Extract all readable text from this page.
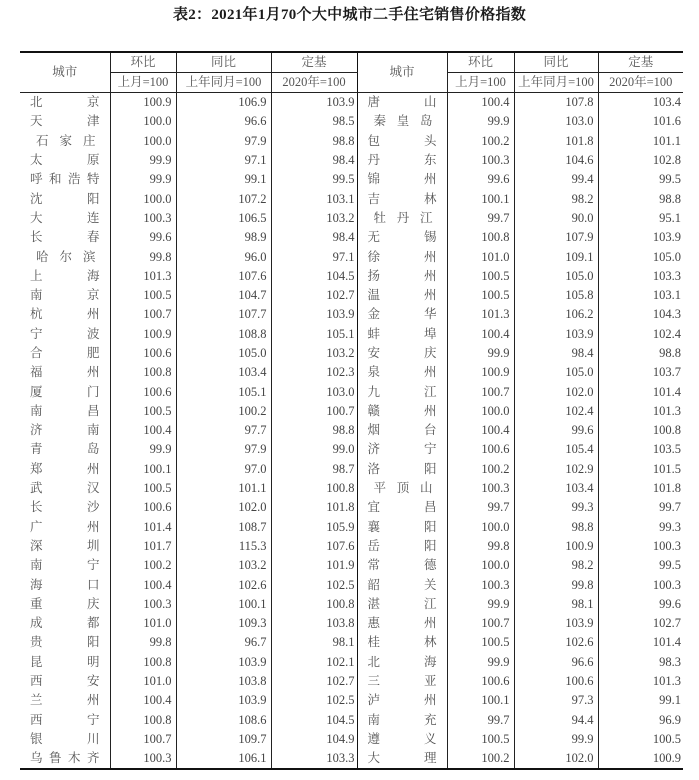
表2：2021年1月70个大中城市二手住宅销售价格指数
城市	环比	同比	定基	城市	环比	同比	定基
	上月=100	上年同月=100	2020年=100		上月=100	上年同月=100	2020年=100
北京	100.9	106.9	103.9	唐山	100.4	107.8	103.4
天津	100.0	96.6	98.5	秦皇岛	99.9	103.0	101.6
石家庄	100.0	97.9	98.8	包头	100.2	101.8	101.1
太原	99.9	97.1	98.4	丹东	100.3	104.6	102.8
呼和浩特	99.9	99.1	99.5	锦州	99.6	99.4	99.5
沈阳	100.0	107.2	103.1	吉林	100.1	98.2	98.8
大连	100.3	106.5	103.2	牡丹江	99.7	90.0	95.1
长春	99.6	98.9	98.4	无锡	100.8	107.9	103.9
哈尔滨	99.8	96.0	97.1	徐州	101.0	109.1	105.0
上海	101.3	107.6	104.5	扬州	100.5	105.0	103.3
南京	100.5	104.7	102.7	温州	100.5	105.8	103.1
杭州	100.7	107.7	103.9	金华	101.3	106.2	104.3
宁波	100.9	108.8	105.1	蚌埠	100.4	103.9	102.4
合肥	100.6	105.0	103.2	安庆	99.9	98.4	98.8
福州	100.8	103.4	102.3	泉州	100.9	105.0	103.7
厦门	100.6	105.1	103.0	九江	100.7	102.0	101.4
南昌	100.5	100.2	100.7	赣州	100.0	102.4	101.3
济南	100.4	97.7	98.8	烟台	100.4	99.6	100.8
青岛	99.9	97.9	99.0	济宁	100.6	105.4	103.5
郑州	100.1	97.0	98.7	洛阳	100.2	102.9	101.5
武汉	100.5	101.1	100.8	平顶山	100.3	103.4	101.8
长沙	100.6	102.0	101.8	宜昌	99.7	99.3	99.7
广州	101.4	108.7	105.9	襄阳	100.0	98.8	99.3
深圳	101.7	115.3	107.6	岳阳	99.8	100.9	100.3
南宁	100.2	103.2	101.9	常德	100.0	98.2	99.5
海口	100.4	102.6	102.5	韶关	100.3	99.8	100.3
重庆	100.3	100.1	100.8	湛江	99.9	98.1	99.6
成都	101.0	109.3	103.8	惠州	100.7	103.9	102.7
贵阳	99.8	96.7	98.1	桂林	100.5	102.6	101.4
昆明	100.8	103.9	102.1	北海	99.9	96.6	98.3
西安	101.0	103.8	102.7	三亚	100.6	100.6	101.3
兰州	100.4	103.9	102.5	泸州	100.1	97.3	99.1
西宁	100.8	108.6	104.5	南充	99.7	94.4	96.9
银川	100.7	109.7	104.9	遵义	100.5	99.9	100.5
乌鲁木齐	100.3	106.1	103.3	大理	100.2	102.0	100.9
